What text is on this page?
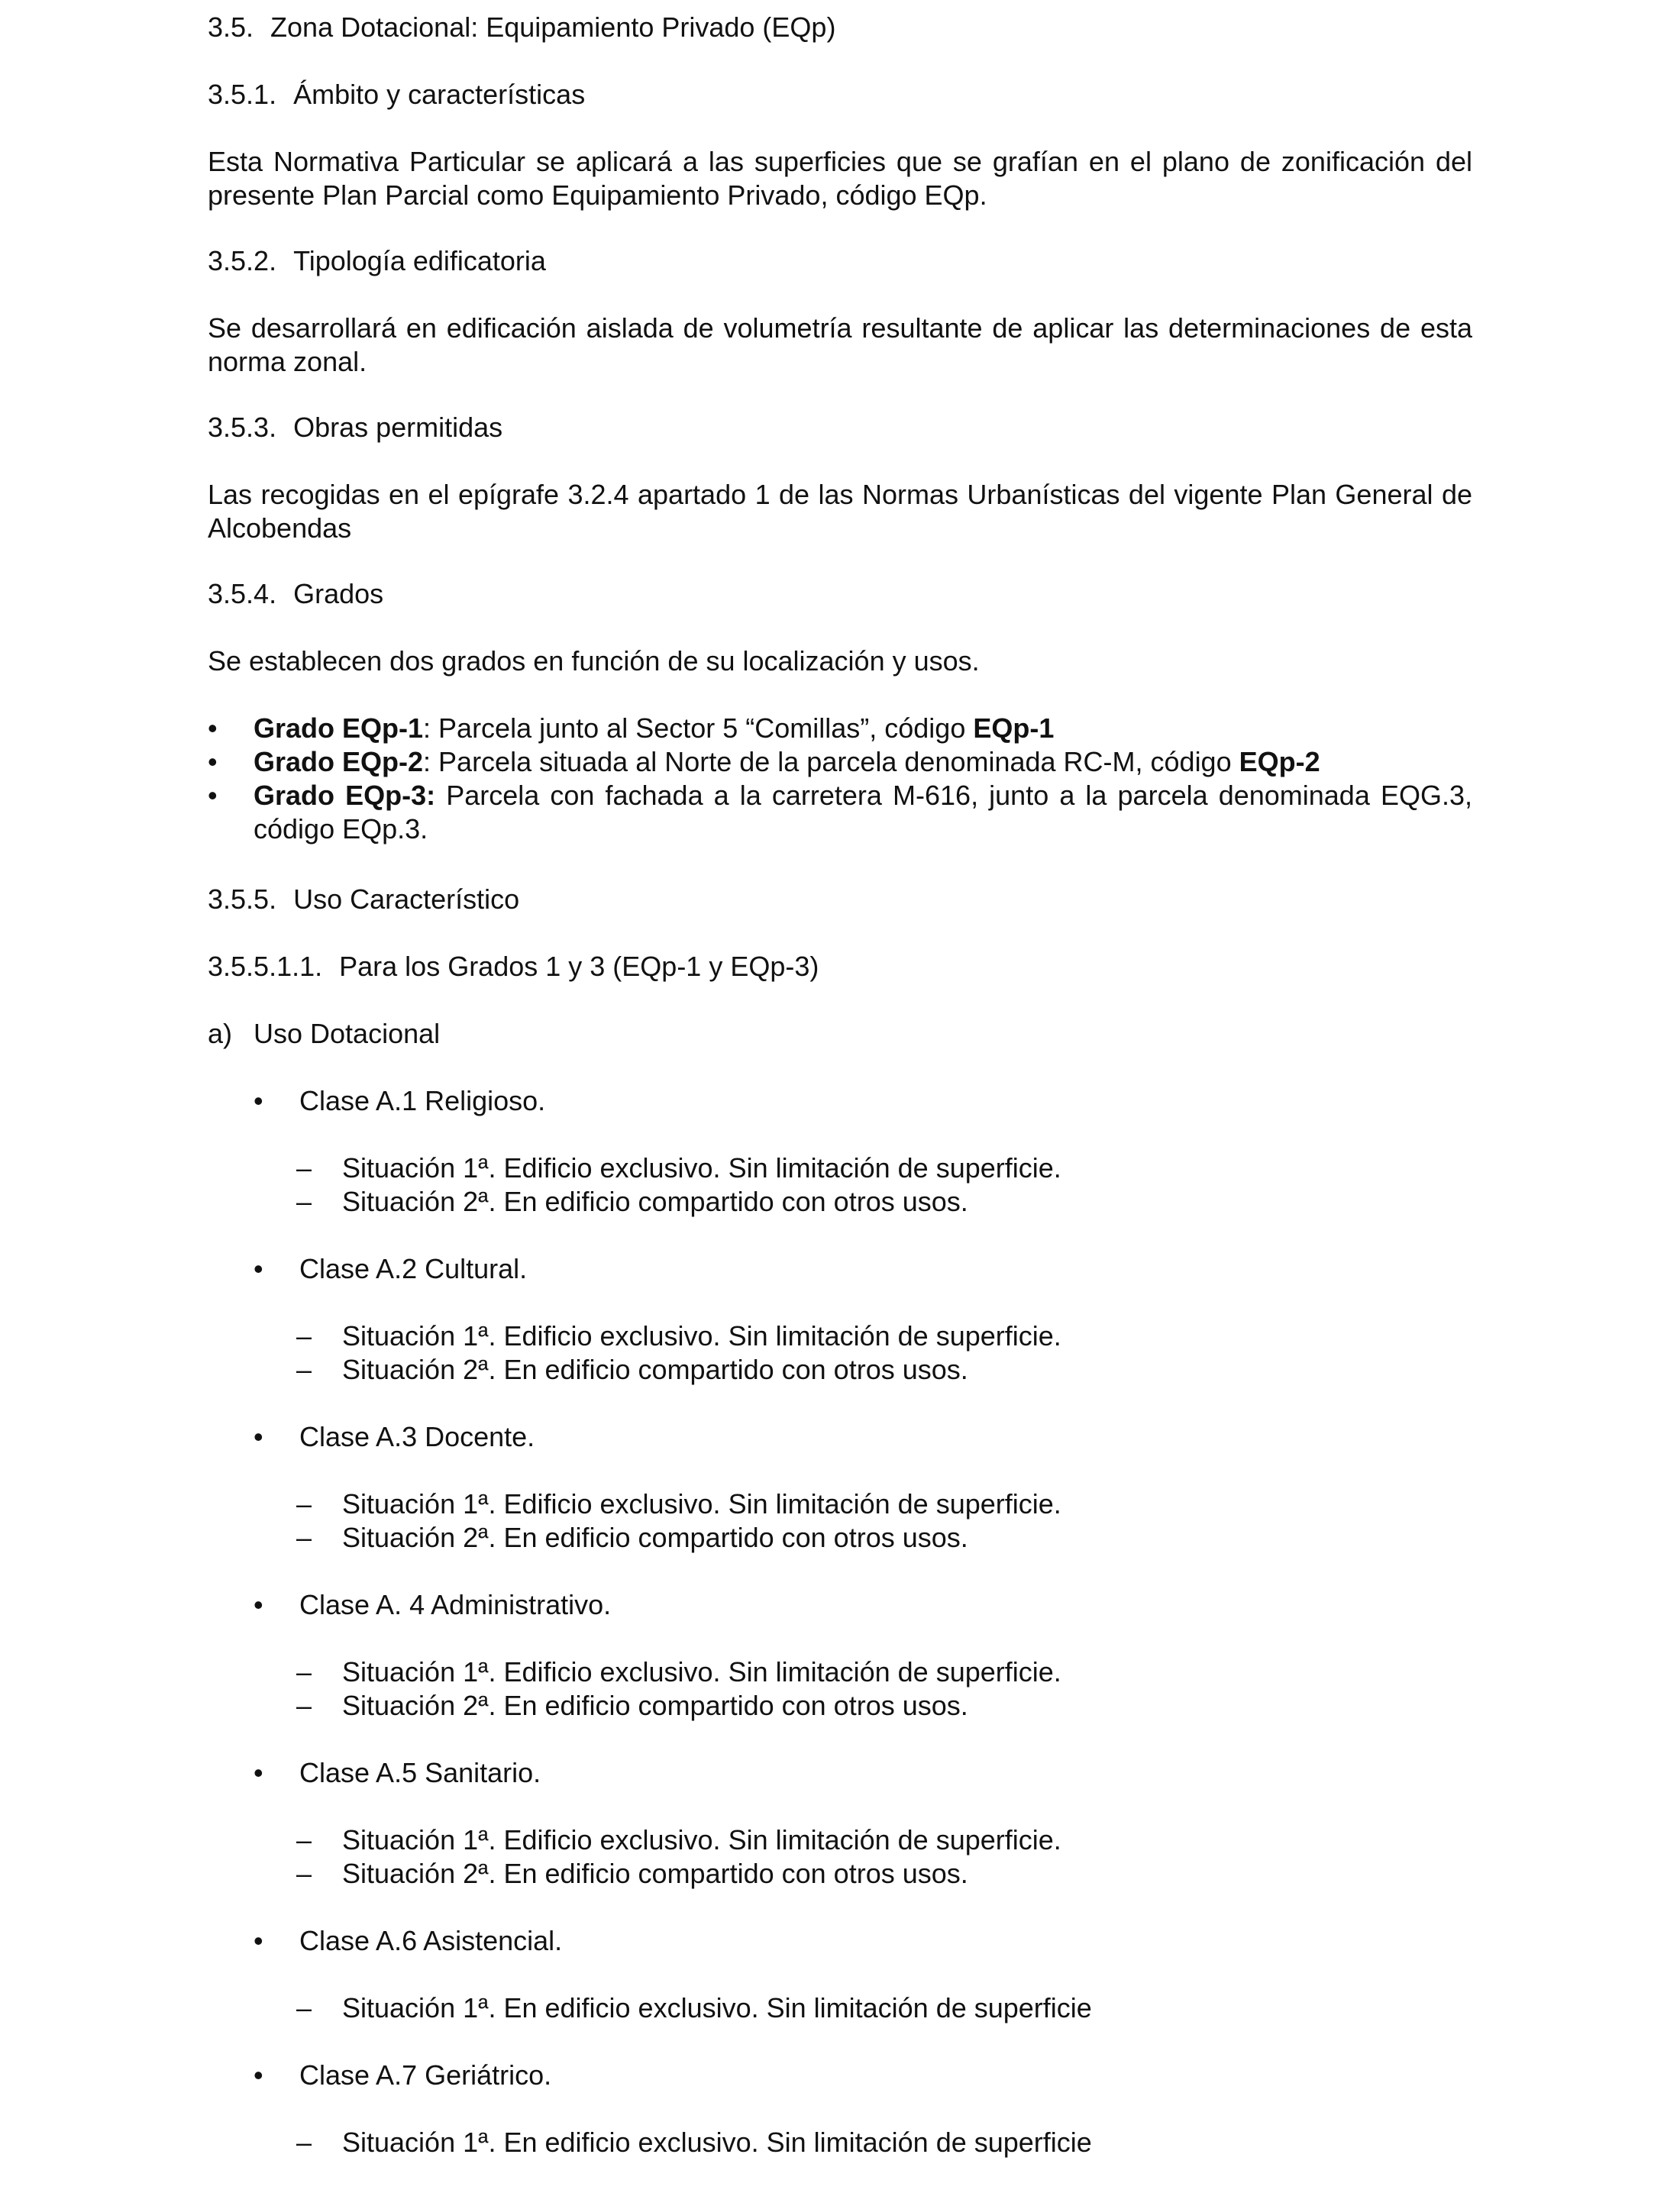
3.5. Zona Dotacional: Equipamiento Privado (EQp)
3.5.1. Ámbito y características
Esta Normativa Particular se aplicará a las superficies que se grafían en el plano de zonificación del presente Plan Parcial como Equipamiento Privado, código EQp.
3.5.2. Tipología edificatoria
Se desarrollará en edificación aislada de volumetría resultante de aplicar las determinaciones de esta norma zonal.
3.5.3. Obras permitidas
Las recogidas en el epígrafe 3.2.4 apartado 1 de las Normas Urbanísticas del vigente Plan General de Alcobendas
3.5.4. Grados
Se establecen dos grados en función de su localización y usos.
•	Grado EQp-1: Parcela junto al Sector 5 “Comillas”, código EQp-1
•	Grado EQp-2: Parcela situada al Norte de la parcela denominada RC-M, código EQp-2
•	Grado EQp-3: Parcela con fachada a la carretera M-616, junto a la parcela denominada EQG.3, código EQp.3.
3.5.5. Uso Característico
3.5.5.1.1. Para los Grados 1 y 3 (EQp-1 y EQp-3)
a) Uso Dotacional
• Clase A.1 Religioso.
– Situación 1ª. Edificio exclusivo. Sin limitación de superficie.
– Situación 2ª. En edificio compartido con otros usos.
• Clase A.2 Cultural.
– Situación 1ª. Edificio exclusivo. Sin limitación de superficie.
– Situación 2ª. En edificio compartido con otros usos.
• Clase A.3 Docente.
– Situación 1ª. Edificio exclusivo. Sin limitación de superficie.
– Situación 2ª. En edificio compartido con otros usos.
• Clase A. 4 Administrativo.
– Situación 1ª. Edificio exclusivo. Sin limitación de superficie.
– Situación 2ª. En edificio compartido con otros usos.
• Clase A.5 Sanitario.
– Situación 1ª. Edificio exclusivo. Sin limitación de superficie.
– Situación 2ª. En edificio compartido con otros usos.
• Clase A.6 Asistencial.
– Situación 1ª. En edificio exclusivo. Sin limitación de superficie
• Clase A.7 Geriátrico.
– Situación 1ª. En edificio exclusivo. Sin limitación de superficie
